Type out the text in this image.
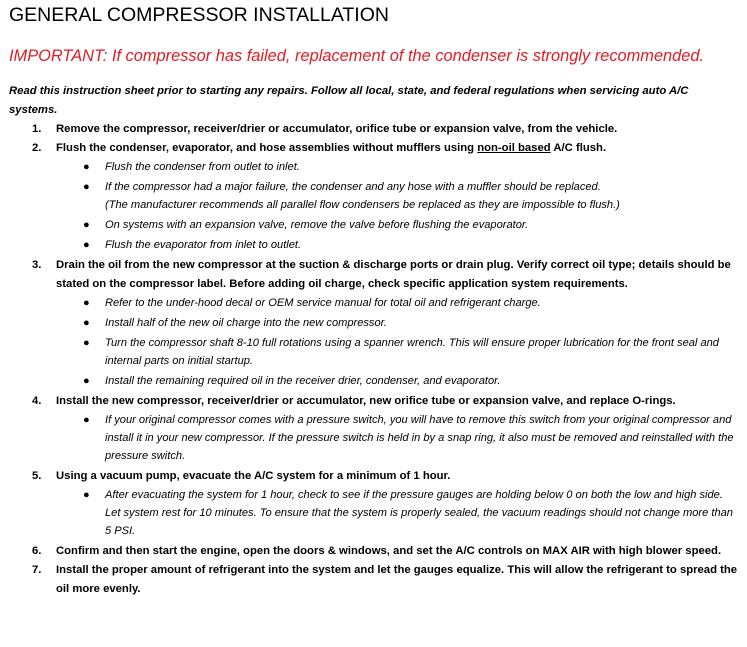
GENERAL COMPRESSOR INSTALLATION

IMPORTANT: If compressor has failed, replacement of the condenser is strongly recommended.

Read this instruction sheet prior to starting any repairs. Follow all local, state, and federal regulations when servicing auto A/C systems.

1. Remove the compressor, receiver/drier or accumulator, orifice tube or expansion valve, from the vehicle.
2. Flush the condenser, evaporator, and hose assemblies without mufflers using non-oil based A/C flush.
● Flush the condenser from outlet to inlet.
● If the compressor had a major failure, the condenser and any hose with a muffler should be replaced.
(The manufacturer recommends all parallel flow condensers be replaced as they are impossible to flush.)
● On systems with an expansion valve, remove the valve before flushing the evaporator.
● Flush the evaporator from inlet to outlet.
3. Drain the oil from the new compressor at the suction & discharge ports or drain plug. Verify correct oil type; details should be stated on the compressor label. Before adding oil charge, check specific application system requirements.
● Refer to the under-hood decal or OEM service manual for total oil and refrigerant charge.
● Install half of the new oil charge into the new compressor.
● Turn the compressor shaft 8-10 full rotations using a spanner wrench. This will ensure proper lubrication for the front seal and internal parts on initial startup.
● Install the remaining required oil in the receiver drier, condenser, and evaporator.
4. Install the new compressor, receiver/drier or accumulator, new orifice tube or expansion valve, and replace O-rings.
● If your original compressor comes with a pressure switch, you will have to remove this switch from your original compressor and install it in your new compressor. If the pressure switch is held in by a snap ring, it also must be removed and reinstalled with the pressure switch.
5. Using a vacuum pump, evacuate the A/C system for a minimum of 1 hour.
● After evacuating the system for 1 hour, check to see if the pressure gauges are holding below 0 on both the low and high side. Let system rest for 10 minutes. To ensure that the system is properly sealed, the vacuum readings should not change more than 5 PSI.
6. Confirm and then start the engine, open the doors & windows, and set the A/C controls on MAX AIR with high blower speed.
7. Install the proper amount of refrigerant into the system and let the gauges equalize. This will allow the refrigerant to spread the oil more evenly.
